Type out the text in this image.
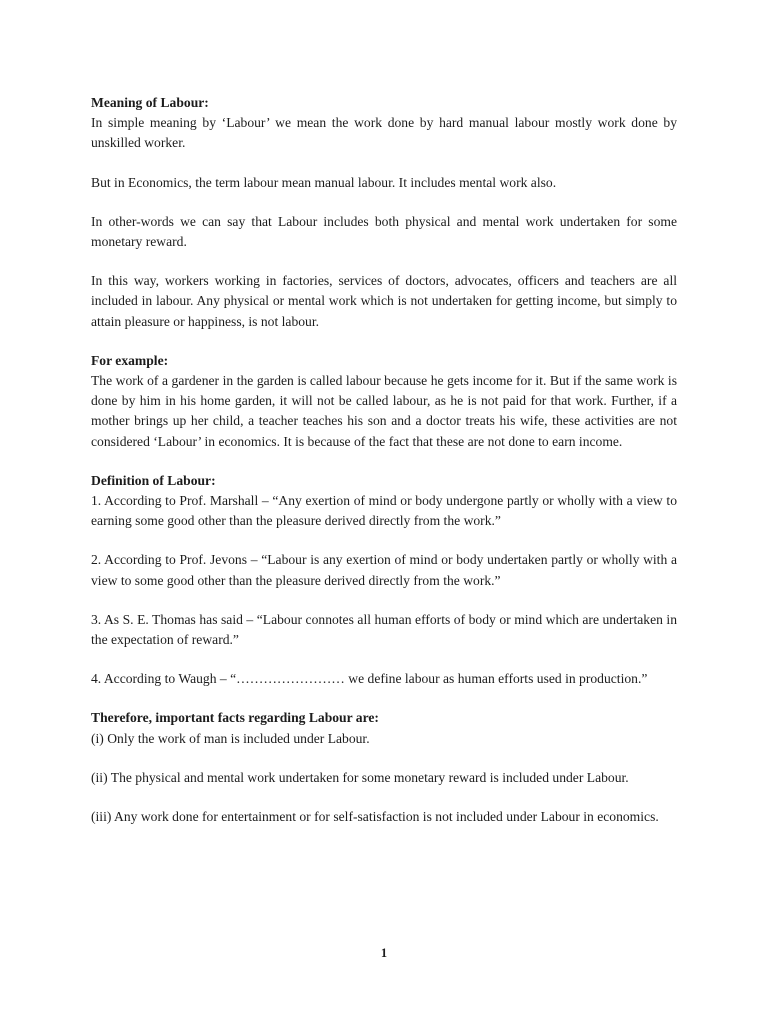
Meaning of Labour:

In simple meaning by ‘Labour’ we mean the work done by hard manual labour mostly work done by unskilled worker.

But in Economics, the term labour mean manual labour. It includes mental work also.

In other-words we can say that Labour includes both physical and mental work undertaken for some monetary reward.

In this way, workers working in factories, services of doctors, advocates, officers and teachers are all included in labour. Any physical or mental work which is not undertaken for getting income, but simply to attain pleasure or happiness, is not labour.

For example:

The work of a gardener in the garden is called labour because he gets income for it. But if the same work is done by him in his home garden, it will not be called labour, as he is not paid for that work. Further, if a mother brings up her child, a teacher teaches his son and a doctor treats his wife, these activities are not considered ‘Labour’ in economics. It is because of the fact that these are not done to earn income.

Definition of Labour:

1. According to Prof. Marshall – “Any exertion of mind or body undergone partly or wholly with a view to earning some good other than the pleasure derived directly from the work.”

2. According to Prof. Jevons – “Labour is any exertion of mind or body undertaken partly or wholly with a view to some good other than the pleasure derived directly from the work.”

3. As S. E. Thomas has said – “Labour connotes all human efforts of body or mind which are undertaken in the expectation of reward.”

4. According to Waugh – “…………………… we define labour as human efforts used in production.”

Therefore, important facts regarding Labour are:

(i) Only the work of man is included under Labour.

(ii) The physical and mental work undertaken for some monetary reward is included under Labour.

(iii) Any work done for entertainment or for self-satisfaction is not included under Labour in economics.

1
